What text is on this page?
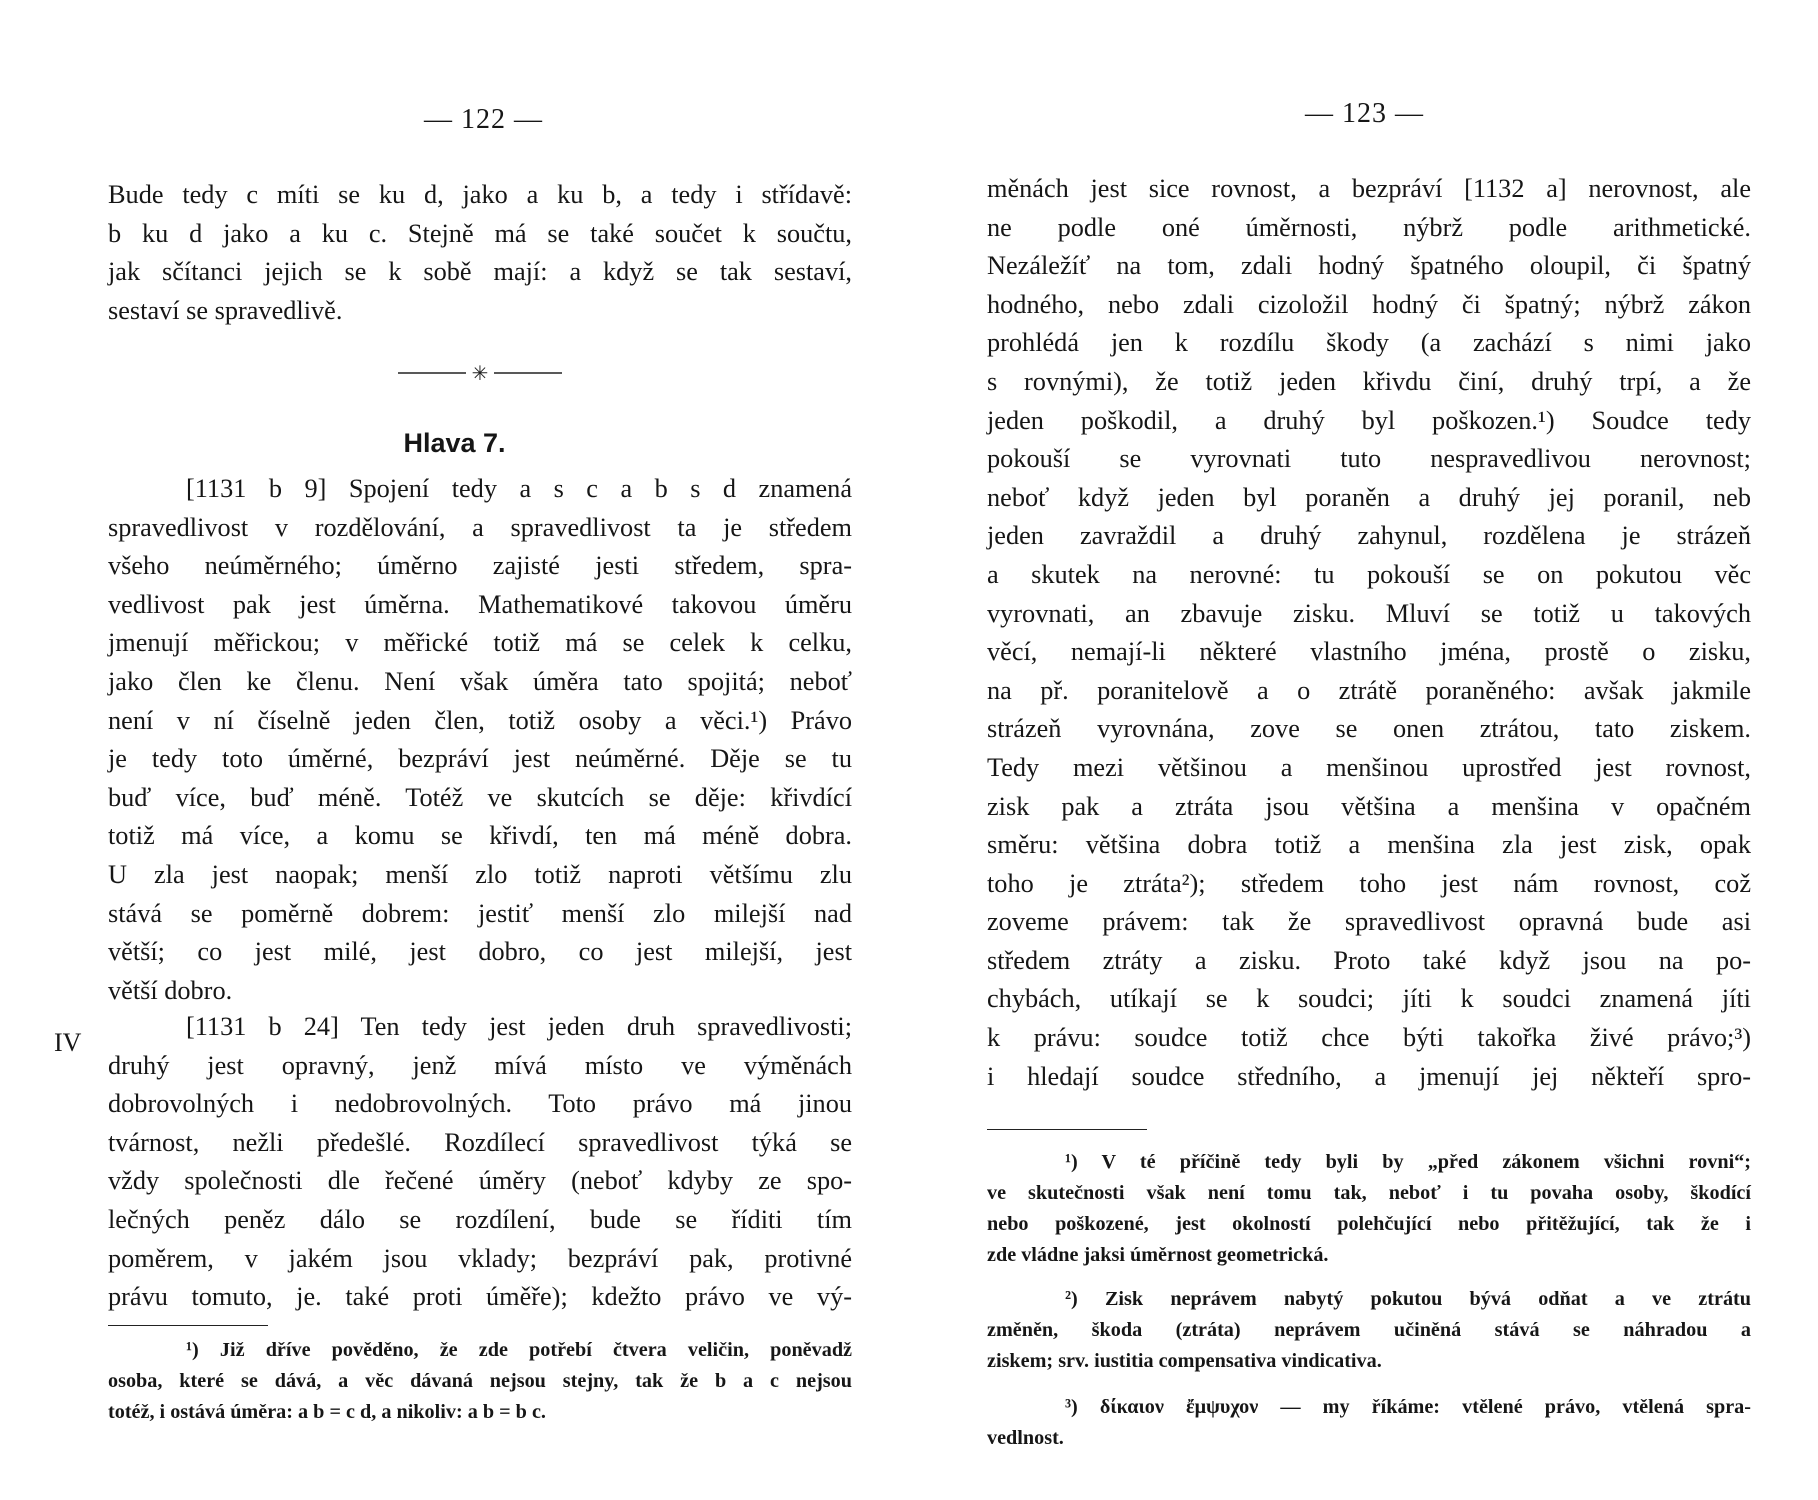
— 122 —
Bude tedy c míti se ku d, jako a ku b, a tedy i střídavě:
b ku d jako a ku c. Stejně má se také součet k součtu,
jak sčítanci jejich se k sobě mají: a když se tak sestaví,
sestaví se spravedlivě.
✳
Hlava 7.
[1131 b 9] Spojení tedy a s c a b s d znamená
spravedlivost v rozdělování, a spravedlivost ta je středem
všeho neúměrného; úměrno zajisté jesti středem, spra-
vedlivost pak jest úměrna. Mathematikové takovou úměru
jmenují měřickou; v měřické totiž má se celek k celku,
jako člen ke členu. Není však úměra tato spojitá; neboť
není v ní číselně jeden člen, totiž osoby a věci.¹) Právo
je tedy toto úměrné, bezpráví jest neúměrné. Děje se tu
buď více, buď méně. Totéž ve skutcích se děje: křivdící
totiž má více, a komu se křivdí, ten má méně dobra.
U zla jest naopak; menší zlo totiž naproti většímu zlu
stává se poměrně dobrem: jestiť menší zlo milejší nad
větší; co jest milé, jest dobro, co jest milejší, jest
větší dobro.
IV
[1131 b 24] Ten tedy jest jeden druh spravedlivosti;
druhý jest opravný, jenž mívá místo ve výměnách
dobrovolných i nedobrovolných. Toto právo má jinou
tvárnost, nežli předešlé. Rozdílecí spravedlivost týká se
vždy společnosti dle řečené úměry (neboť kdyby ze spo-
lečných peněz dálo se rozdílení, bude se říditi tím
poměrem, v jakém jsou vklady; bezpráví pak, protivné
právu tomuto, je. také proti úměře); kdežto právo ve vý-
¹) Již dříve pověděno, že zde potřebí čtvera veličin, poněvadž
osoba, které se dává, a věc dávaná nejsou stejny, tak že b a c nejsou
totéž, i ostává úměra: a b = c d, a nikoliv: a b = b c.
— 123 —
měnách jest sice rovnost, a bezpráví [1132 a] nerovnost, ale
ne podle oné úměrnosti, nýbrž podle arithmetické.
Nezáležíť na tom, zdali hodný špatného oloupil, či špatný
hodného, nebo zdali cizoložil hodný či špatný; nýbrž zákon
prohlédá jen k rozdílu škody (a zachází s nimi jako
s rovnými), že totiž jeden křivdu činí, druhý trpí, a že
jeden poškodil, a druhý byl poškozen.¹) Soudce tedy
pokouší se vyrovnati tuto nespravedlivou nerovnost;
neboť když jeden byl poraněn a druhý jej poranil, neb
jeden zavraždil a druhý zahynul, rozdělena je strázeň
a skutek na nerovné: tu pokouší se on pokutou věc
vyrovnati, an zbavuje zisku. Mluví se totiž u takových
věcí, nemají-li některé vlastního jména, prostě o zisku,
na př. poranitelově a o ztrátě poraněného: avšak jakmile
strázeň vyrovnána, zove se onen ztrátou, tato ziskem.
Tedy mezi většinou a menšinou uprostřed jest rovnost,
zisk pak a ztráta jsou většina a menšina v opačném
směru: většina dobra totiž a menšina zla jest zisk, opak
toho je ztráta²); středem toho jest nám rovnost, což
zoveme právem: tak že spravedlivost opravná bude asi
středem ztráty a zisku. Proto také když jsou na po-
chybách, utíkají se k soudci; jíti k soudci znamená jíti
k právu: soudce totiž chce býti takořka živé právo;³)
i hledají soudce středního, a jmenují jej někteří spro-
¹) V té příčině tedy byli by „před zákonem všichni rovni“;
ve skutečnosti však není tomu tak, neboť i tu povaha osoby, škodící
nebo poškozené, jest okolností polehčující nebo přitěžující, tak že i
zde vládne jaksi úměrnost geometrická.
²) Zisk neprávem nabytý pokutou bývá odňat a ve ztrátu
změněn, škoda (ztráta) neprávem učiněná stává se náhradou a
ziskem; srv. iustitia compensativa vindicativa.
³) δίκαιον ἔμψυχον — my říkáme: vtělené právo, vtělená spra-
vedlnost.
